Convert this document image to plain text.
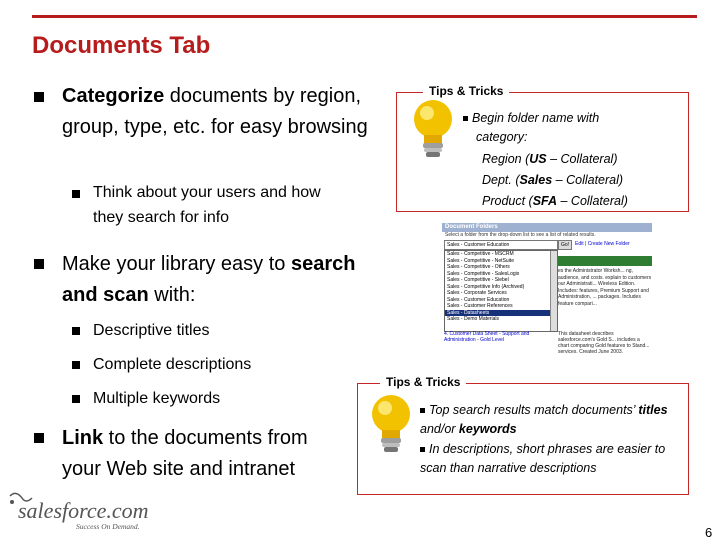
Documents Tab
Categorize documents by region, group, type, etc. for easy browsing
Think about your users and how they search for info
Make your library easy to search and scan with:
Descriptive titles
Complete descriptions
Multiple keywords
Link to the documents from your Web site and intranet
Tips & Tricks
Begin folder name with
category:
Region (US – Collateral)
Dept. (Sales – Collateral)
Product (SFA – Collateral)
Document Folders
Select a folder from the drop-down list to see a list of related results.
Sales - Customer Education	Go!	Edit | Create New Folder
es the Administrator Worksh... ng, audience, and costs. explain to customers our Administrati... Wireless Edition. Includes: features, Premium Support and Administration, ... packages. Includes feature compari...
Sales - Competitive - MSCRM
Sales - Competitive - NetSuite
Sales - Competitive - Others
Sales - Competitive - SalesLogix
Sales - Competitive - Siebel
Sales - Competitive Info (Archived)
Sales - Corporate Services
Sales - Customer Education
Sales - Customer References
Sales - Datasheets
Sales - Demo Materials
4. Customer Data Sheet - Support and Administration - Gold Level
This datasheet describes salesforce.com's Gold S... includes a chart comparing Gold features to Stand... services. Created June 2003.
Tips & Tricks
Top search results match documents’ titles and/or keywords
In descriptions, short phrases are easier to scan than narrative descriptions
salesforce.com
Success On Demand.	6
